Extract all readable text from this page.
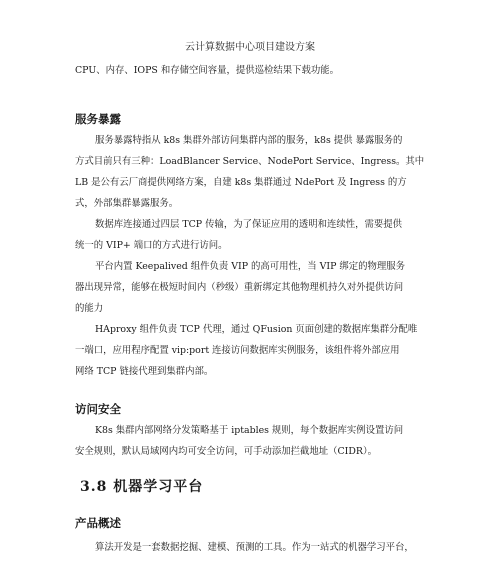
云计算数据中心项目建设方案
CPU、内存、IOPS 和存储空间容量，提供巡检结果下载功能。
服务暴露
服务暴露特指从 k8s 集群外部访问集群内部的服务，k8s 提供 暴露服务的
方式目前只有三种：LoadBlancer Service、NodePort Service、Ingress。其中
LB 是公有云厂商提供网络方案，自建 k8s 集群通过 NdePort 及 Ingress 的方
式，外部集群暴露服务。
数据库连接通过四层 TCP 传输，为了保证应用的透明和连续性，需要提供
统一的 VIP+ 端口的方式进行访问。
平台内置 Keepalived 组件负责 VIP 的高可用性，当 VIP 绑定的物理服务
器出现异常，能够在极短时间内（秒级）重新绑定其他物理机持久对外提供访问
的能力
HAproxy 组件负责 TCP 代理，通过 QFusion 页面创建的数据库集群分配唯
一端口，应用程序配置 vip:port 连接访问数据库实例服务，该组件将外部应用
网络 TCP 链接代理到集群内部。
访问安全
K8s 集群内部网络分发策略基于 iptables 规则，每个数据库实例设置访问
安全规则，默认局域网内均可安全访问，可手动添加拦截地址（CIDR）。
3.8 机器学习平台
产品概述
算法开发是一套数据挖掘、建模、预测的工具。作为一站式的机器学习平台，
